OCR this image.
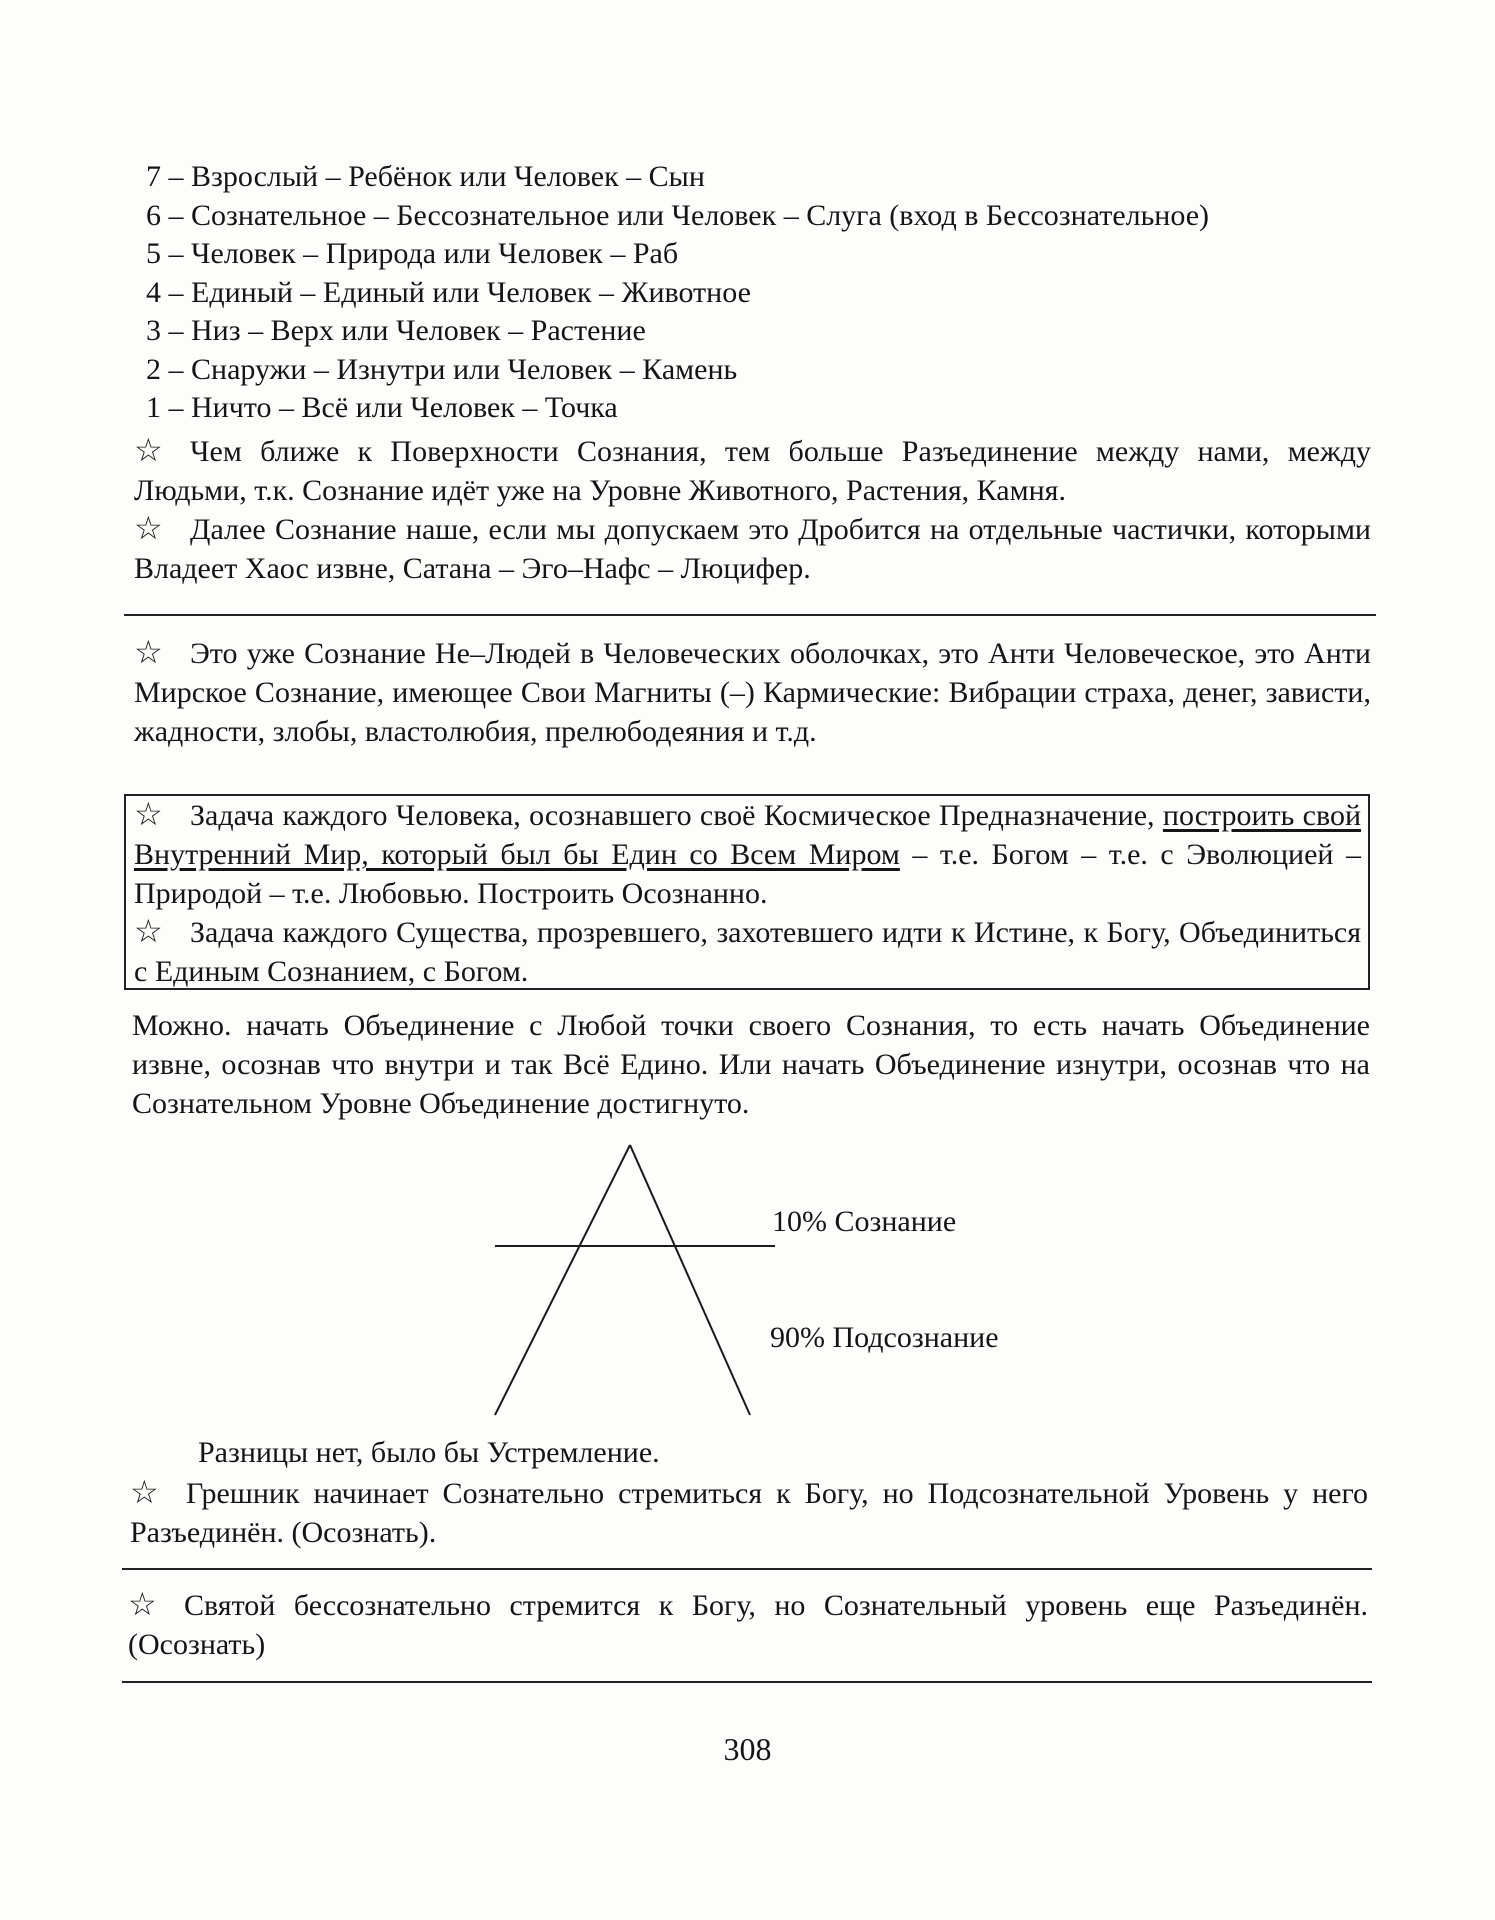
7 – Взрослый – Ребёнок или Человек – Сын
6 – Сознательное – Бессознательное или Человек – Слуга (вход в Бессознательное)
5 – Человек – Природа или Человек – Раб
4 – Единый – Единый или Человек – Животное
3 – Низ – Верх или Человек – Растение
2 – Снаружи – Изнутри или Человек – Камень
1 – Ничто – Всё или Человек – Точка
☆ Чем ближе к Поверхности Сознания, тем больше Разъединение между нами, между Людьми, т.к. Сознание идёт уже на Уровне Животного, Растения, Камня.
☆ Далее Сознание наше, если мы допускаем это Дробится на отдельные частички, которыми Владеет Хаос извне, Сатана – Эго–Нафс – Люцифер.
☆ Это уже Сознание Не–Людей в Человеческих оболочках, это Анти Человеческое, это Анти Мирское Сознание, имеющее Свои Магниты (–) Кармические: Вибрации страха, денег, зависти, жадности, злобы, властолюбия, прелюбодеяния и т.д.
☆ Задача каждого Человека, осознавшего своё Космическое Предназначение, построить свой Внутренний Мир, который был бы Един со Всем Миром – т.е. Богом – т.е. с Эволюцией – Природой – т.е. Любовью. Построить Осознанно.
☆ Задача каждого Существа, прозревшего, захотевшего идти к Истине, к Богу, Объединиться с Единым Сознанием, с Богом.
Можно. начать Объединение с Любой точки своего Сознания, то есть начать Объединение извне, осознав что внутри и так Всё Едино. Или начать Объединение изнутри, осознав что на Сознательном Уровне Объединение достигнуто.
10% Сознание
90% Подсознание
Разницы нет, было бы Устремление.
☆ Грешник начинает Сознательно стремиться к Богу, но Подсознательной Уровень у него Разъединён. (Осознать).
☆ Святой бессознательно стремится к Богу, но Сознательный уровень еще Разъединён. (Осознать)
308
